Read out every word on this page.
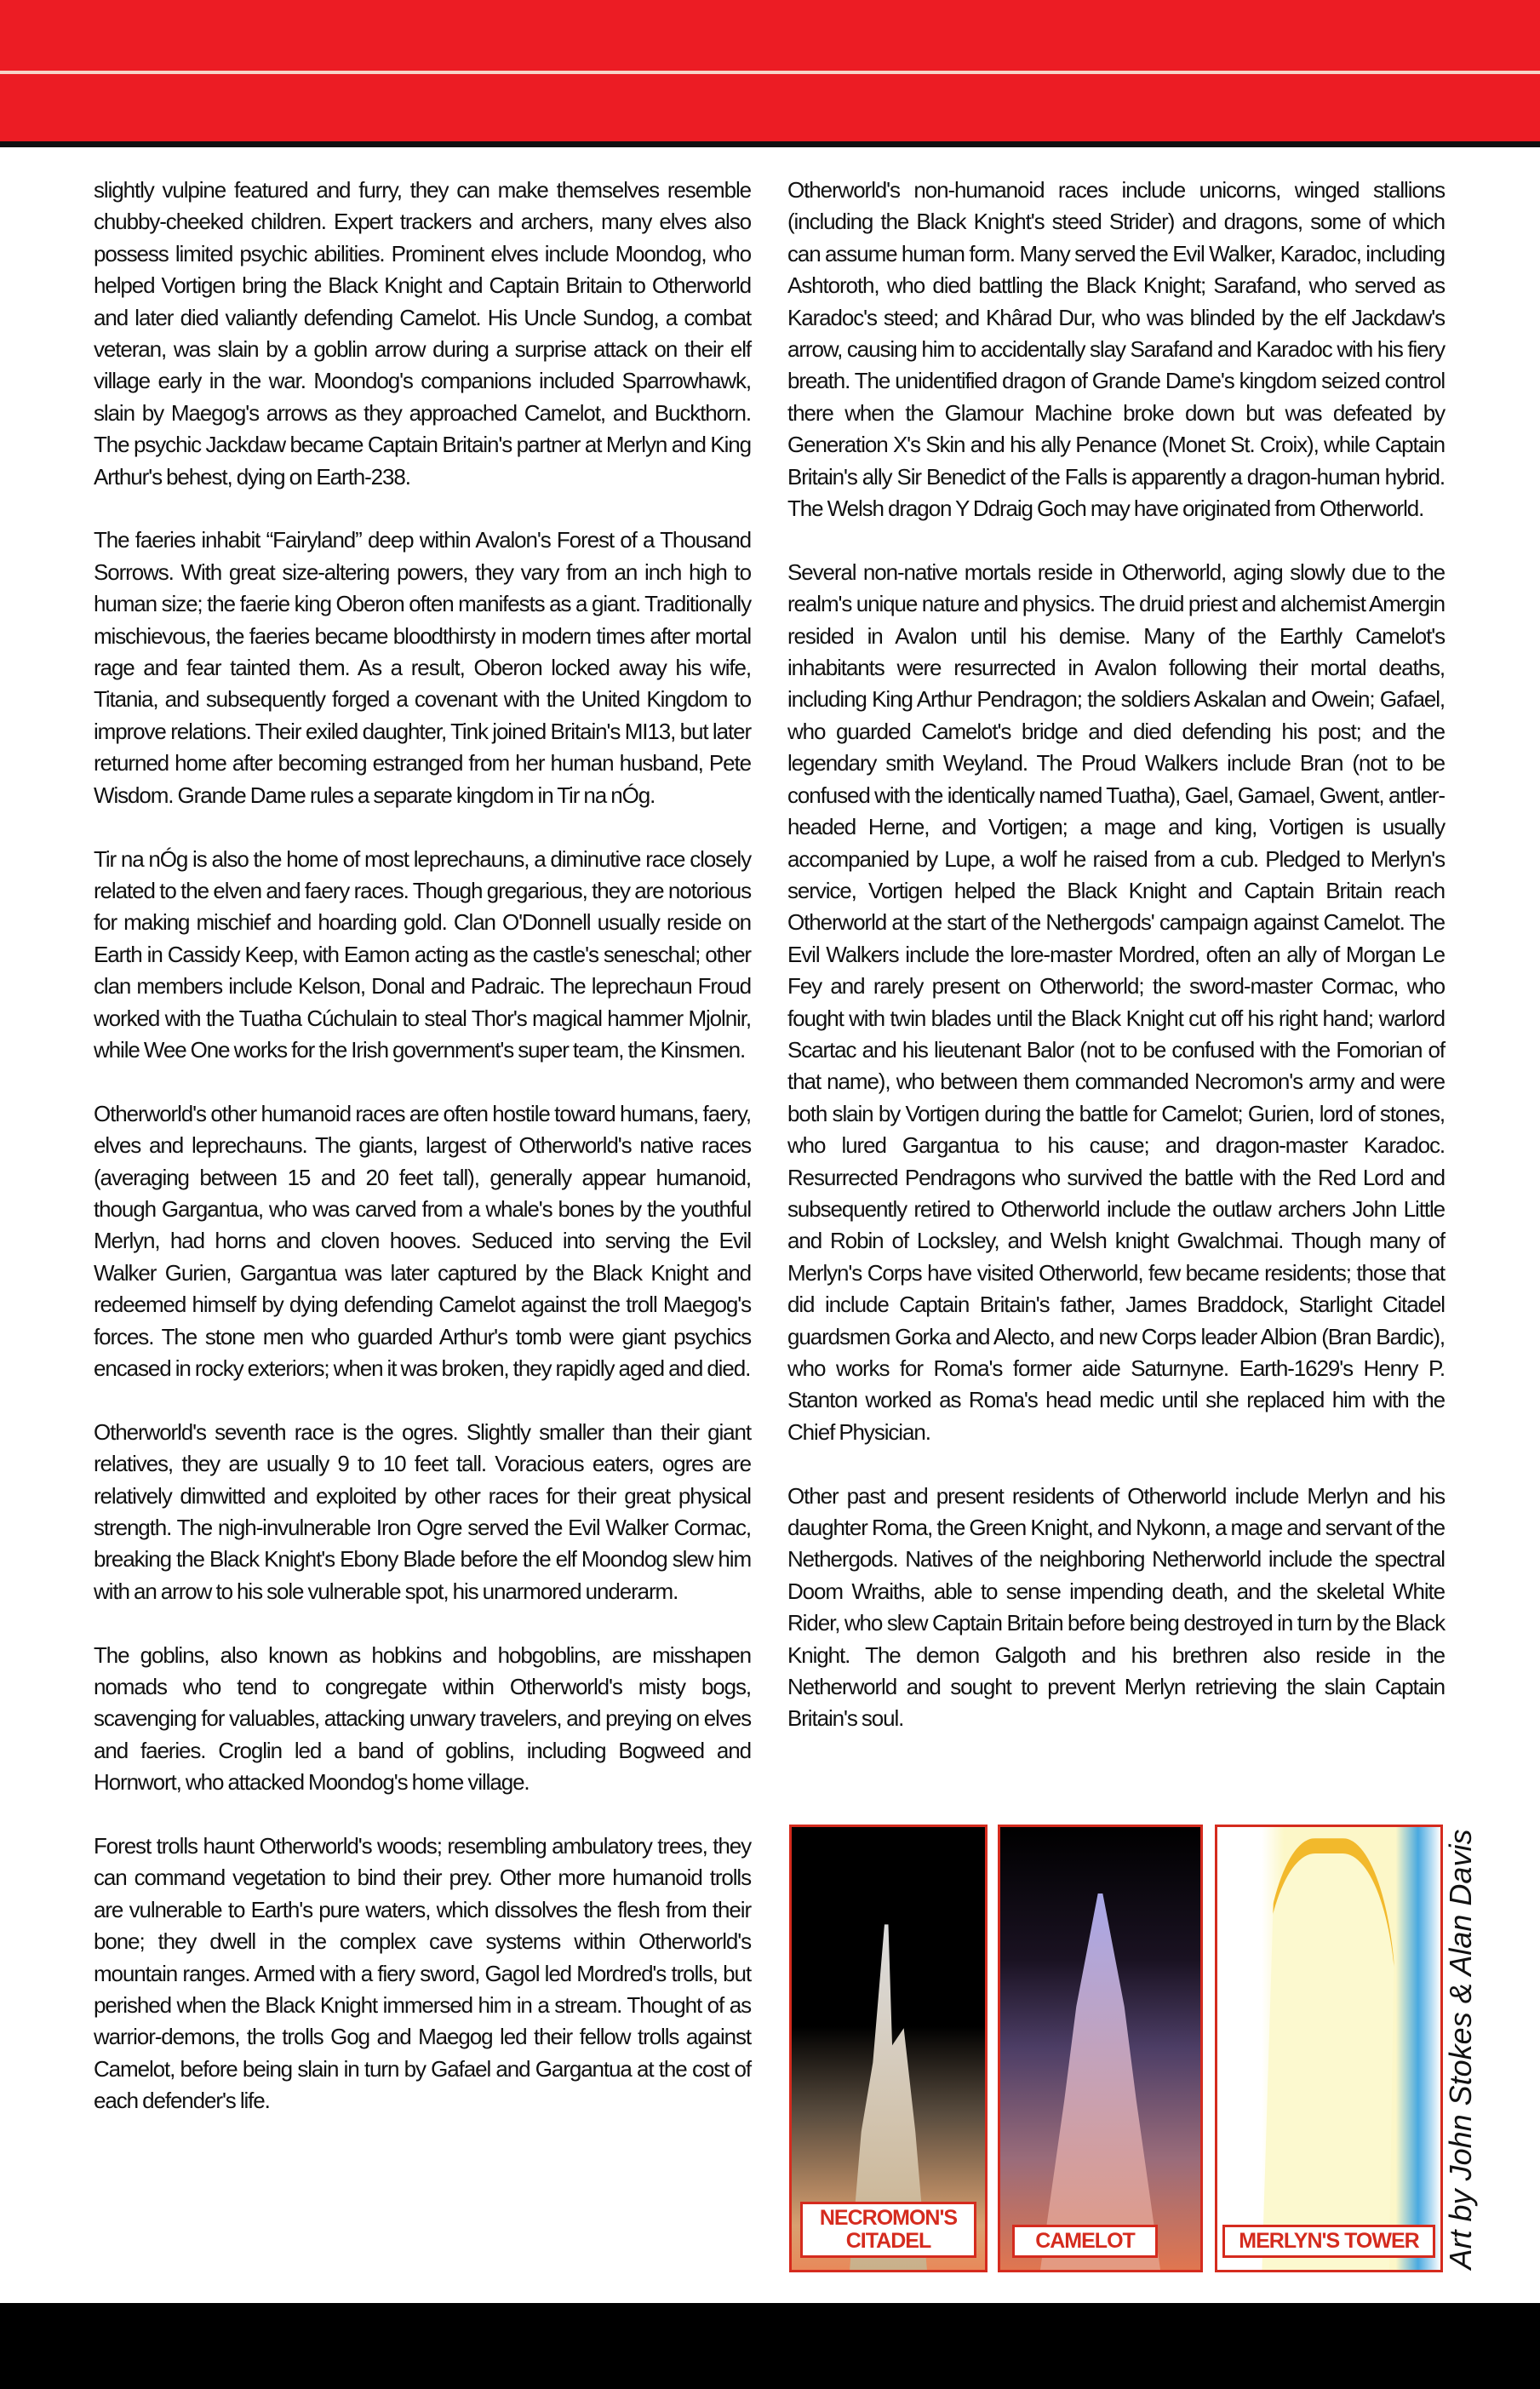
slightly vulpine featured and furry, they can make themselves resemble chubby-cheeked children. Expert trackers and archers, many elves also possess limited psychic abilities. Prominent elves include Moondog, who helped Vortigen bring the Black Knight and Captain Britain to Otherworld and later died valiantly defending Camelot. His Uncle Sundog, a combat veteran, was slain by a goblin arrow during a surprise attack on their elf village early in the war. Moondog's companions included Sparrowhawk, slain by Maegog's arrows as they approached Camelot, and Buckthorn. The psychic Jackdaw became Captain Britain's partner at Merlyn and King Arthur's behest, dying on Earth-238.

The faeries inhabit “Fairyland” deep within Avalon's Forest of a Thousand Sorrows. With great size-altering powers, they vary from an inch high to human size; the faerie king Oberon often manifests as a giant. Traditionally mischievous, the faeries became bloodthirsty in modern times after mortal rage and fear tainted them. As a result, Oberon locked away his wife, Titania, and subsequently forged a covenant with the United Kingdom to improve relations. Their exiled daughter, Tink joined Britain's MI13, but later returned home after becoming estranged from her human husband, Pete Wisdom. Grande Dame rules a separate kingdom in Tir na nÓg.

Tir na nÓg is also the home of most leprechauns, a diminutive race closely related to the elven and faery races. Though gregarious, they are notorious for making mischief and hoarding gold. Clan O'Donnell usually reside on Earth in Cassidy Keep, with Eamon acting as the castle's seneschal; other clan members include Kelson, Donal and Padraic. The leprechaun Froud worked with the Tuatha Cúchulain to steal Thor's magical hammer Mjolnir, while Wee One works for the Irish government's super team, the Kinsmen.

Otherworld's other humanoid races are often hostile toward humans, faery, elves and leprechauns. The giants, largest of Otherworld's native races (averaging between 15 and 20 feet tall), generally appear humanoid, though Gargantua, who was carved from a whale's bones by the youthful Merlyn, had horns and cloven hooves. Seduced into serving the Evil Walker Gurien, Gargantua was later captured by the Black Knight and redeemed himself by dying defending Camelot against the troll Maegog's forces. The stone men who guarded Arthur's tomb were giant psychics encased in rocky exteriors; when it was broken, they rapidly aged and died.

Otherworld's seventh race is the ogres. Slightly smaller than their giant relatives, they are usually 9 to 10 feet tall. Voracious eaters, ogres are relatively dimwitted and exploited by other races for their great physical strength. The nigh-invulnerable Iron Ogre served the Evil Walker Cormac, breaking the Black Knight's Ebony Blade before the elf Moondog slew him with an arrow to his sole vulnerable spot, his unarmored underarm.

The goblins, also known as hobkins and hobgoblins, are misshapen nomads who tend to congregate within Otherworld's misty bogs, scavenging for valuables, attacking unwary travelers, and preying on elves and faeries. Croglin led a band of goblins, including Bogweed and Hornwort, who attacked Moondog's home village.

Forest trolls haunt Otherworld's woods; resembling ambulatory trees, they can command vegetation to bind their prey. Other more humanoid trolls are vulnerable to Earth's pure waters, which dissolves the flesh from their bone; they dwell in the complex cave systems within Otherworld's mountain ranges. Armed with a fiery sword, Gagol led Mordred's trolls, but perished when the Black Knight immersed him in a stream. Thought of as warrior-demons, the trolls Gog and Maegog led their fellow trolls against Camelot, before being slain in turn by Gafael and Gargantua at the cost of each defender's life.

Otherworld's non-humanoid races include unicorns, winged stallions (including the Black Knight's steed Strider) and dragons, some of which can assume human form. Many served the Evil Walker, Karadoc, including Ashtoroth, who died battling the Black Knight; Sarafand, who served as Karadoc's steed; and Khârad Dur, who was blinded by the elf Jackdaw's arrow, causing him to accidentally slay Sarafand and Karadoc with his fiery breath. The unidentified dragon of Grande Dame's kingdom seized control there when the Glamour Machine broke down but was defeated by Generation X's Skin and his ally Penance (Monet St. Croix), while Captain Britain's ally Sir Benedict of the Falls is apparently a dragon-human hybrid. The Welsh dragon Y Ddraig Goch may have originated from Otherworld.

Several non-native mortals reside in Otherworld, aging slowly due to the realm's unique nature and physics. The druid priest and alchemist Amergin resided in Avalon until his demise. Many of the Earthly Camelot's inhabitants were resurrected in Avalon following their mortal deaths, including King Arthur Pendragon; the soldiers Askalan and Owein; Gafael, who guarded Camelot's bridge and died defending his post; and the legendary smith Weyland. The Proud Walkers include Bran (not to be confused with the identically named Tuatha), Gael, Gamael, Gwent, antler-headed Herne, and Vortigen; a mage and king, Vortigen is usually accompanied by Lupe, a wolf he raised from a cub. Pledged to Merlyn's service, Vortigen helped the Black Knight and Captain Britain reach Otherworld at the start of the Nethergods' campaign against Camelot. The Evil Walkers include the lore-master Mordred, often an ally of Morgan Le Fey and rarely present on Otherworld; the sword-master Cormac, who fought with twin blades until the Black Knight cut off his right hand; warlord Scartac and his lieutenant Balor (not to be confused with the Fomorian of that name), who between them commanded Necromon's army and were both slain by Vortigen during the battle for Camelot; Gurien, lord of stones, who lured Gargantua to his cause; and dragon-master Karadoc. Resurrected Pendragons who survived the battle with the Red Lord and subsequently retired to Otherworld include the outlaw archers John Little and Robin of Locksley, and Welsh knight Gwalchmai. Though many of Merlyn's Corps have visited Otherworld, few became residents; those that did include Captain Britain's father, James Braddock, Starlight Citadel guardsmen Gorka and Alecto, and new Corps leader Albion (Bran Bardic), who works for Roma's former aide Saturnyne. Earth-1629's Henry P. Stanton worked as Roma's head medic until she replaced him with the Chief Physician.

Other past and present residents of Otherworld include Merlyn and his daughter Roma, the Green Knight, and Nykonn, a mage and servant of the Nethergods. Natives of the neighboring Netherworld include the spectral Doom Wraiths, able to sense impending death, and the skeletal White Rider, who slew Captain Britain before being destroyed in turn by the Black Knight. The demon Galgoth and his brethren also reside in the Netherworld and sought to prevent Merlyn retrieving the slain Captain Britain's soul.

NECROMON'S
CITADEL	CAMELOT	MERLYN'S TOWER Art by John Stokes & Alan Davis
